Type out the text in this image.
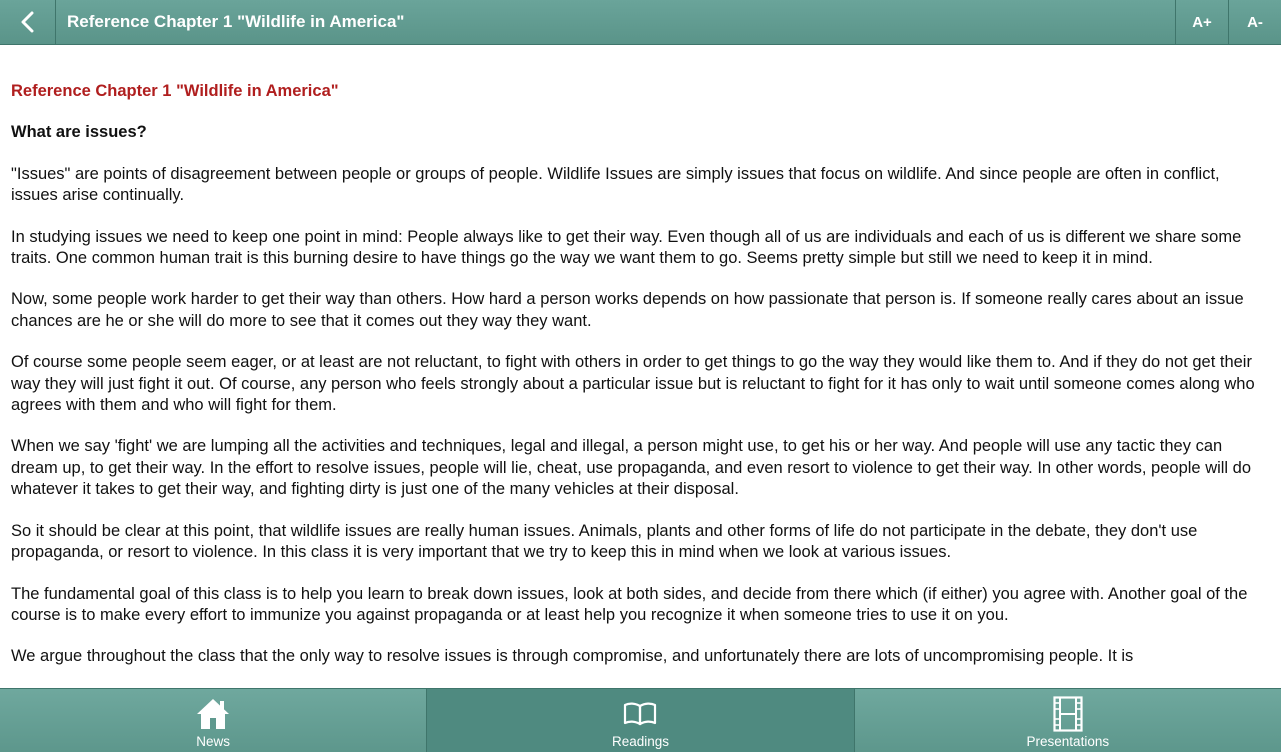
Reference Chapter 1 "Wildlife in America"	A+	A-
Reference Chapter 1 "Wildlife in America"
What are issues?

"Issues" are points of disagreement between people or groups of people. Wildlife Issues are simply issues that focus on wildlife. And since people are often in conflict, issues arise continually.

In studying issues we need to keep one point in mind: People always like to get their way. Even though all of us are individuals and each of us is different we share some traits. One common human trait is this burning desire to have things go the way we want them to go. Seems pretty simple but still we need to keep it in mind.

Now, some people work harder to get their way than others. How hard a person works depends on how passionate that person is. If someone really cares about an issue chances are he or she will do more to see that it comes out they way they want.

Of course some people seem eager, or at least are not reluctant, to fight with others in order to get things to go the way they would like them to. And if they do not get their way they will just fight it out. Of course, any person who feels strongly about a particular issue but is reluctant to fight for it has only to wait until someone comes along who agrees with them and who will fight for them.

When we say 'fight' we are lumping all the activities and techniques, legal and illegal, a person might use, to get his or her way. And people will use any tactic they can dream up, to get their way. In the effort to resolve issues, people will lie, cheat, use propaganda, and even resort to violence to get their way. In other words, people will do whatever it takes to get their way, and fighting dirty is just one of the many vehicles at their disposal.

So it should be clear at this point, that wildlife issues are really human issues. Animals, plants and other forms of life do not participate in the debate, they don't use propaganda, or resort to violence. In this class it is very important that we try to keep this in mind when we look at various issues.

The fundamental goal of this class is to help you learn to break down issues, look at both sides, and decide from there which (if either) you agree with. Another goal of the course is to make every effort to immunize you against propaganda or at least help you recognize it when someone tries to use it on you.

We argue throughout the class that the only way to resolve issues is through compromise, and unfortunately there are lots of uncompromising people. It is

News	Readings	Presentations
